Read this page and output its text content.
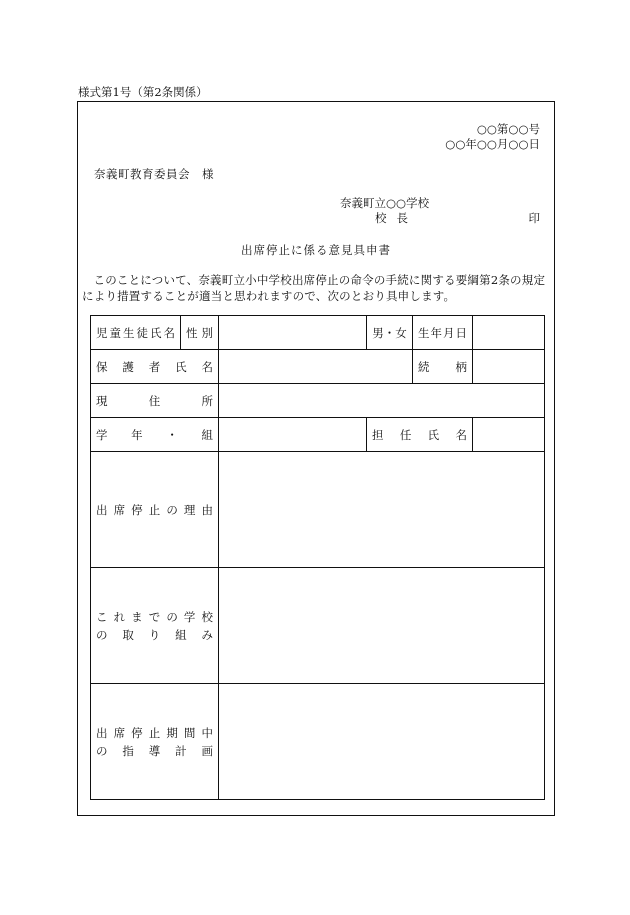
様式第1号（第2条関係）
○○第○○号
○○年○○月○○日
奈義町教育委員会　様
奈義町立○○学校
校長	印
出席停止に係る意見具申書
このことについて、奈義町立小中学校出席停止の命令の手続に関する要綱第2条の規定により措置することが適当と思われますので、次のとおり具申します。
児童生徒氏名	性別		男・女	生年月日	
保護者氏名				続柄	
現住所					
学年・組			担任氏名		
出席停止の理由					

これまでの学校
の取り組み					

出席停止期間中
の指導計画					
